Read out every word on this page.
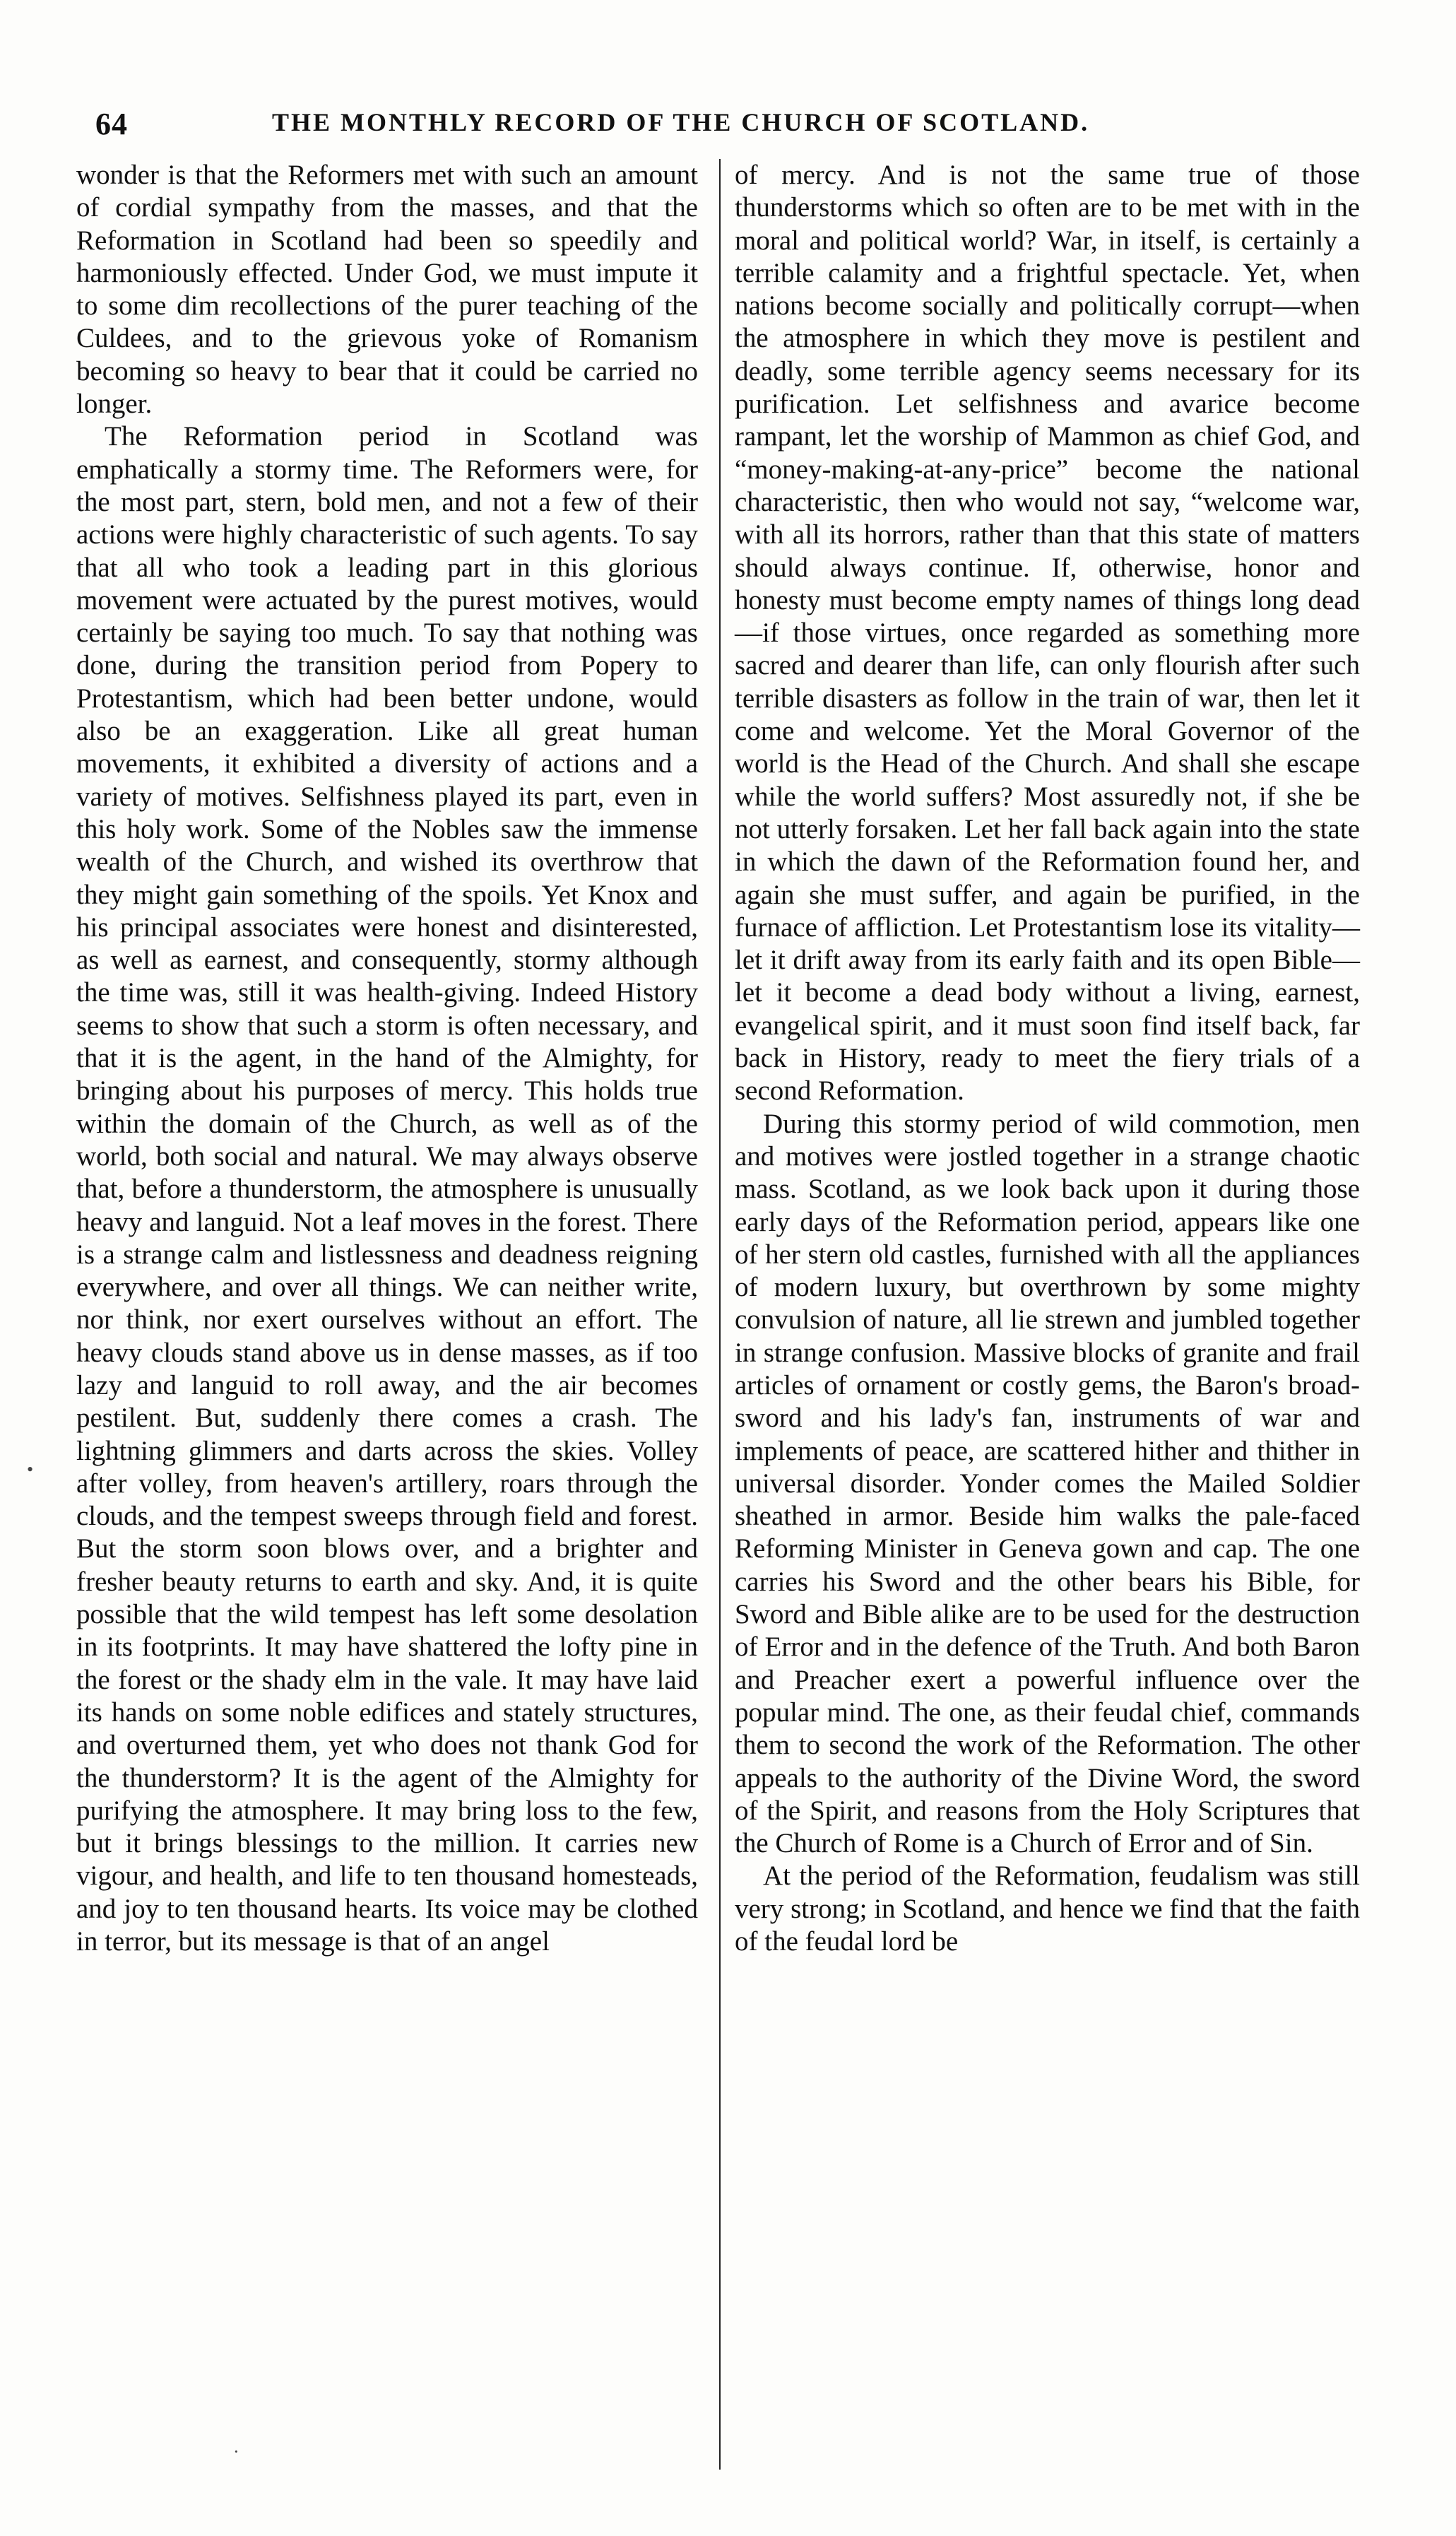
64	THE MONTHLY RECORD OF THE CHURCH OF SCOTLAND.

wonder is that the Reformers met with such an amount of cordial sympathy from the masses, and that the Reformation in Scotland had been so speedily and harmoniously effected. Under God, we must impute it to some dim recollections of the purer teaching of the Culdees, and to the grievous yoke of Romanism becoming so heavy to bear that it could be carried no longer.

The Reformation period in Scotland was emphatically a stormy time. The Reformers were, for the most part, stern, bold men, and not a few of their actions were highly characteristic of such agents. To say that all who took a leading part in this glorious movement were actuated by the purest motives, would certainly be saying too much. To say that nothing was done, during the transition period from Popery to Protestantism, which had been better undone, would also be an exaggeration. Like all great human movements, it exhibited a diversity of actions and a variety of motives. Selfishness played its part, even in this holy work. Some of the Nobles saw the immense wealth of the Church, and wished its overthrow that they might gain something of the spoils. Yet Knox and his principal associates were honest and disinterested, as well as earnest, and consequently, stormy although the time was, still it was health-giving. Indeed History seems to show that such a storm is often necessary, and that it is the agent, in the hand of the Almighty, for bringing about his purposes of mercy. This holds true within the domain of the Church, as well as of the world, both social and natural. We may always observe that, before a thunderstorm, the atmosphere is unusually heavy and languid. Not a leaf moves in the forest. There is a strange calm and listlessness and deadness reigning everywhere, and over all things. We can neither write, nor think, nor exert ourselves without an effort. The heavy clouds stand above us in dense masses, as if too lazy and languid to roll away, and the air becomes pestilent. But, suddenly there comes a crash. The lightning glimmers and darts across the skies. Volley after volley, from heaven's artillery, roars through the clouds, and the tempest sweeps through field and forest. But the storm soon blows over, and a brighter and fresher beauty returns to earth and sky. And, it is quite possible that the wild tempest has left some desolation in its footprints. It may have shattered the lofty pine in the forest or the shady elm in the vale. It may have laid its hands on some noble edifices and stately structures, and overturned them, yet who does not thank God for the thunderstorm? It is the agent of the Almighty for purifying the atmosphere. It may bring loss to the few, but it brings blessings to the million. It carries new vigour, and health, and life to ten thousand homesteads, and joy to ten thousand hearts. Its voice may be clothed in terror, but its message is that of an angel

of mercy. And is not the same true of those thunderstorms which so often are to be met with in the moral and political world? War, in itself, is certainly a terrible calamity and a frightful spectacle. Yet, when nations become socially and politically corrupt—when the atmosphere in which they move is pestilent and deadly, some terrible agency seems necessary for its purification. Let selfishness and avarice become rampant, let the worship of Mammon as chief God, and “money-making-at-any-price” become the national characteristic, then who would not say, “welcome war, with all its horrors, rather than that this state of matters should always continue. If, otherwise, honor and honesty must become empty names of things long dead—if those virtues, once regarded as something more sacred and dearer than life, can only flourish after such terrible disasters as follow in the train of war, then let it come and welcome. Yet the Moral Governor of the world is the Head of the Church. And shall she escape while the world suffers? Most assuredly not, if she be not utterly forsaken. Let her fall back again into the state in which the dawn of the Reformation found her, and again she must suffer, and again be purified, in the furnace of affliction. Let Protestantism lose its vitality—let it drift away from its early faith and its open Bible—let it become a dead body without a living, earnest, evangelical spirit, and it must soon find itself back, far back in History, ready to meet the fiery trials of a second Reformation.

During this stormy period of wild commotion, men and motives were jostled together in a strange chaotic mass. Scotland, as we look back upon it during those early days of the Reformation period, appears like one of her stern old castles, furnished with all the appliances of modern luxury, but overthrown by some mighty convulsion of nature, all lie strewn and jumbled together in strange confusion. Massive blocks of granite and frail articles of ornament or costly gems, the Baron's broad-sword and his lady's fan, instruments of war and implements of peace, are scattered hither and thither in universal disorder. Yonder comes the Mailed Soldier sheathed in armor. Beside him walks the pale-faced Reforming Minister in Geneva gown and cap. The one carries his Sword and the other bears his Bible, for Sword and Bible alike are to be used for the destruction of Error and in the defence of the Truth. And both Baron and Preacher exert a powerful influence over the popular mind. The one, as their feudal chief, commands them to second the work of the Reformation. The other appeals to the authority of the Divine Word, the sword of the Spirit, and reasons from the Holy Scriptures that the Church of Rome is a Church of Error and of Sin.

At the period of the Reformation, feudalism was still very strong; in Scotland, and hence we find that the faith of the feudal lord be

•
·
